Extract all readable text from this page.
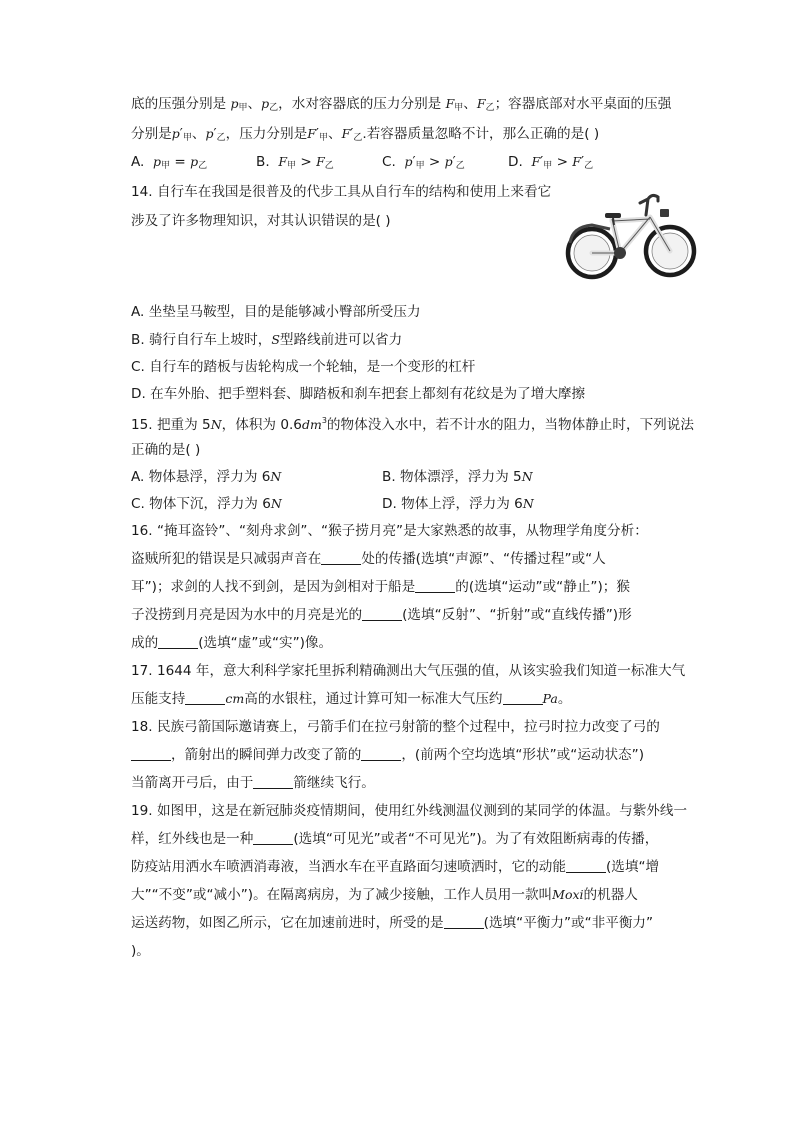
底的压强分别是 $p_甲$、$p_乙$，水对容器底的压力分别是 $F_甲$、$F_乙$；容器底部对水平桌面的压强
分别是$p'_甲$、$p'_乙$，压力分别是$F'_甲$、$F'_乙$.若容器质量忽略不计，那么正确的是( )
A. $p_甲 = p_乙$	B. $F_甲 > F_乙$	C. $p'_甲 > p'_乙$	D. $F'_甲 > F'_乙$
14. 自行车在我国是很普及的代步工具从自行车的结构和使用上来看它
涉及了许多物理知识，对其认识错误的是( )
A. 坐垫呈马鞍型，目的是能够减小臀部所受压力
B. 骑行自行车上坡时，S型路线前进可以省力
C. 自行车的踏板与齿轮构成一个轮轴，是一个变形的杠杆
D. 在车外胎、把手塑料套、脚踏板和刹车把套上都刻有花纹是为了增大摩擦
15. 把重为 5N，体积为 $0.6dm^3$的物体没入水中，若不计水的阻力，当物体静止时，下列说法
正确的是( )
A. 物体悬浮，浮力为 6N	B. 物体漂浮，浮力为 5N
C. 物体下沉，浮力为 6N	D. 物体上浮，浮力为 6N
16. “掩耳盗铃”、“刻舟求剑”、“猴子捞月亮”是大家熟悉的故事，从物理学角度分析：
盗贼所犯的错误是只减弱声音在	处的传播(选填“声源”、“传播过程”或“人
耳”)；求剑的人找不到剑，是因为剑相对于船是	的(选填“运动”或“静止”)；猴
子没捞到月亮是因为水中的月亮是光的	(选填“反射”、“折射”或“直线传播”)形
成的	(选填“虚”或“实”)像。
17. 1644 年，意大利科学家托里拆利精确测出大气压强的值，从该实验我们知道一标准大气
压能支持	cm高的水银柱，通过计算可知一标准大气压约	Pa。
18. 民族弓箭国际邀请赛上，弓箭手们在拉弓射箭的整个过程中，拉弓时拉力改变了弓的
，箭射出的瞬间弹力改变了箭的	，(前两个空均选填“形状”或“运动状态”)
当箭离开弓后，由于	箭继续飞行。
19. 如图甲，这是在新冠肺炎疫情期间，使用红外线测温仪测到的某同学的体温。与紫外线一
样，红外线也是一种	(选填“可见光”或者“不可见光”)。为了有效阻断病毒的传播，
防疫站用洒水车喷洒消毒液，当洒水车在平直路面匀速喷洒时，它的动能	(选填“增
大”“不变”或“减小”)。在隔离病房，为了减少接触，工作人员用一款叫Moxi的机器人
运送药物，如图乙所示，它在加速前进时，所受的是	(选填“平衡力”或“非平衡力”
)。
